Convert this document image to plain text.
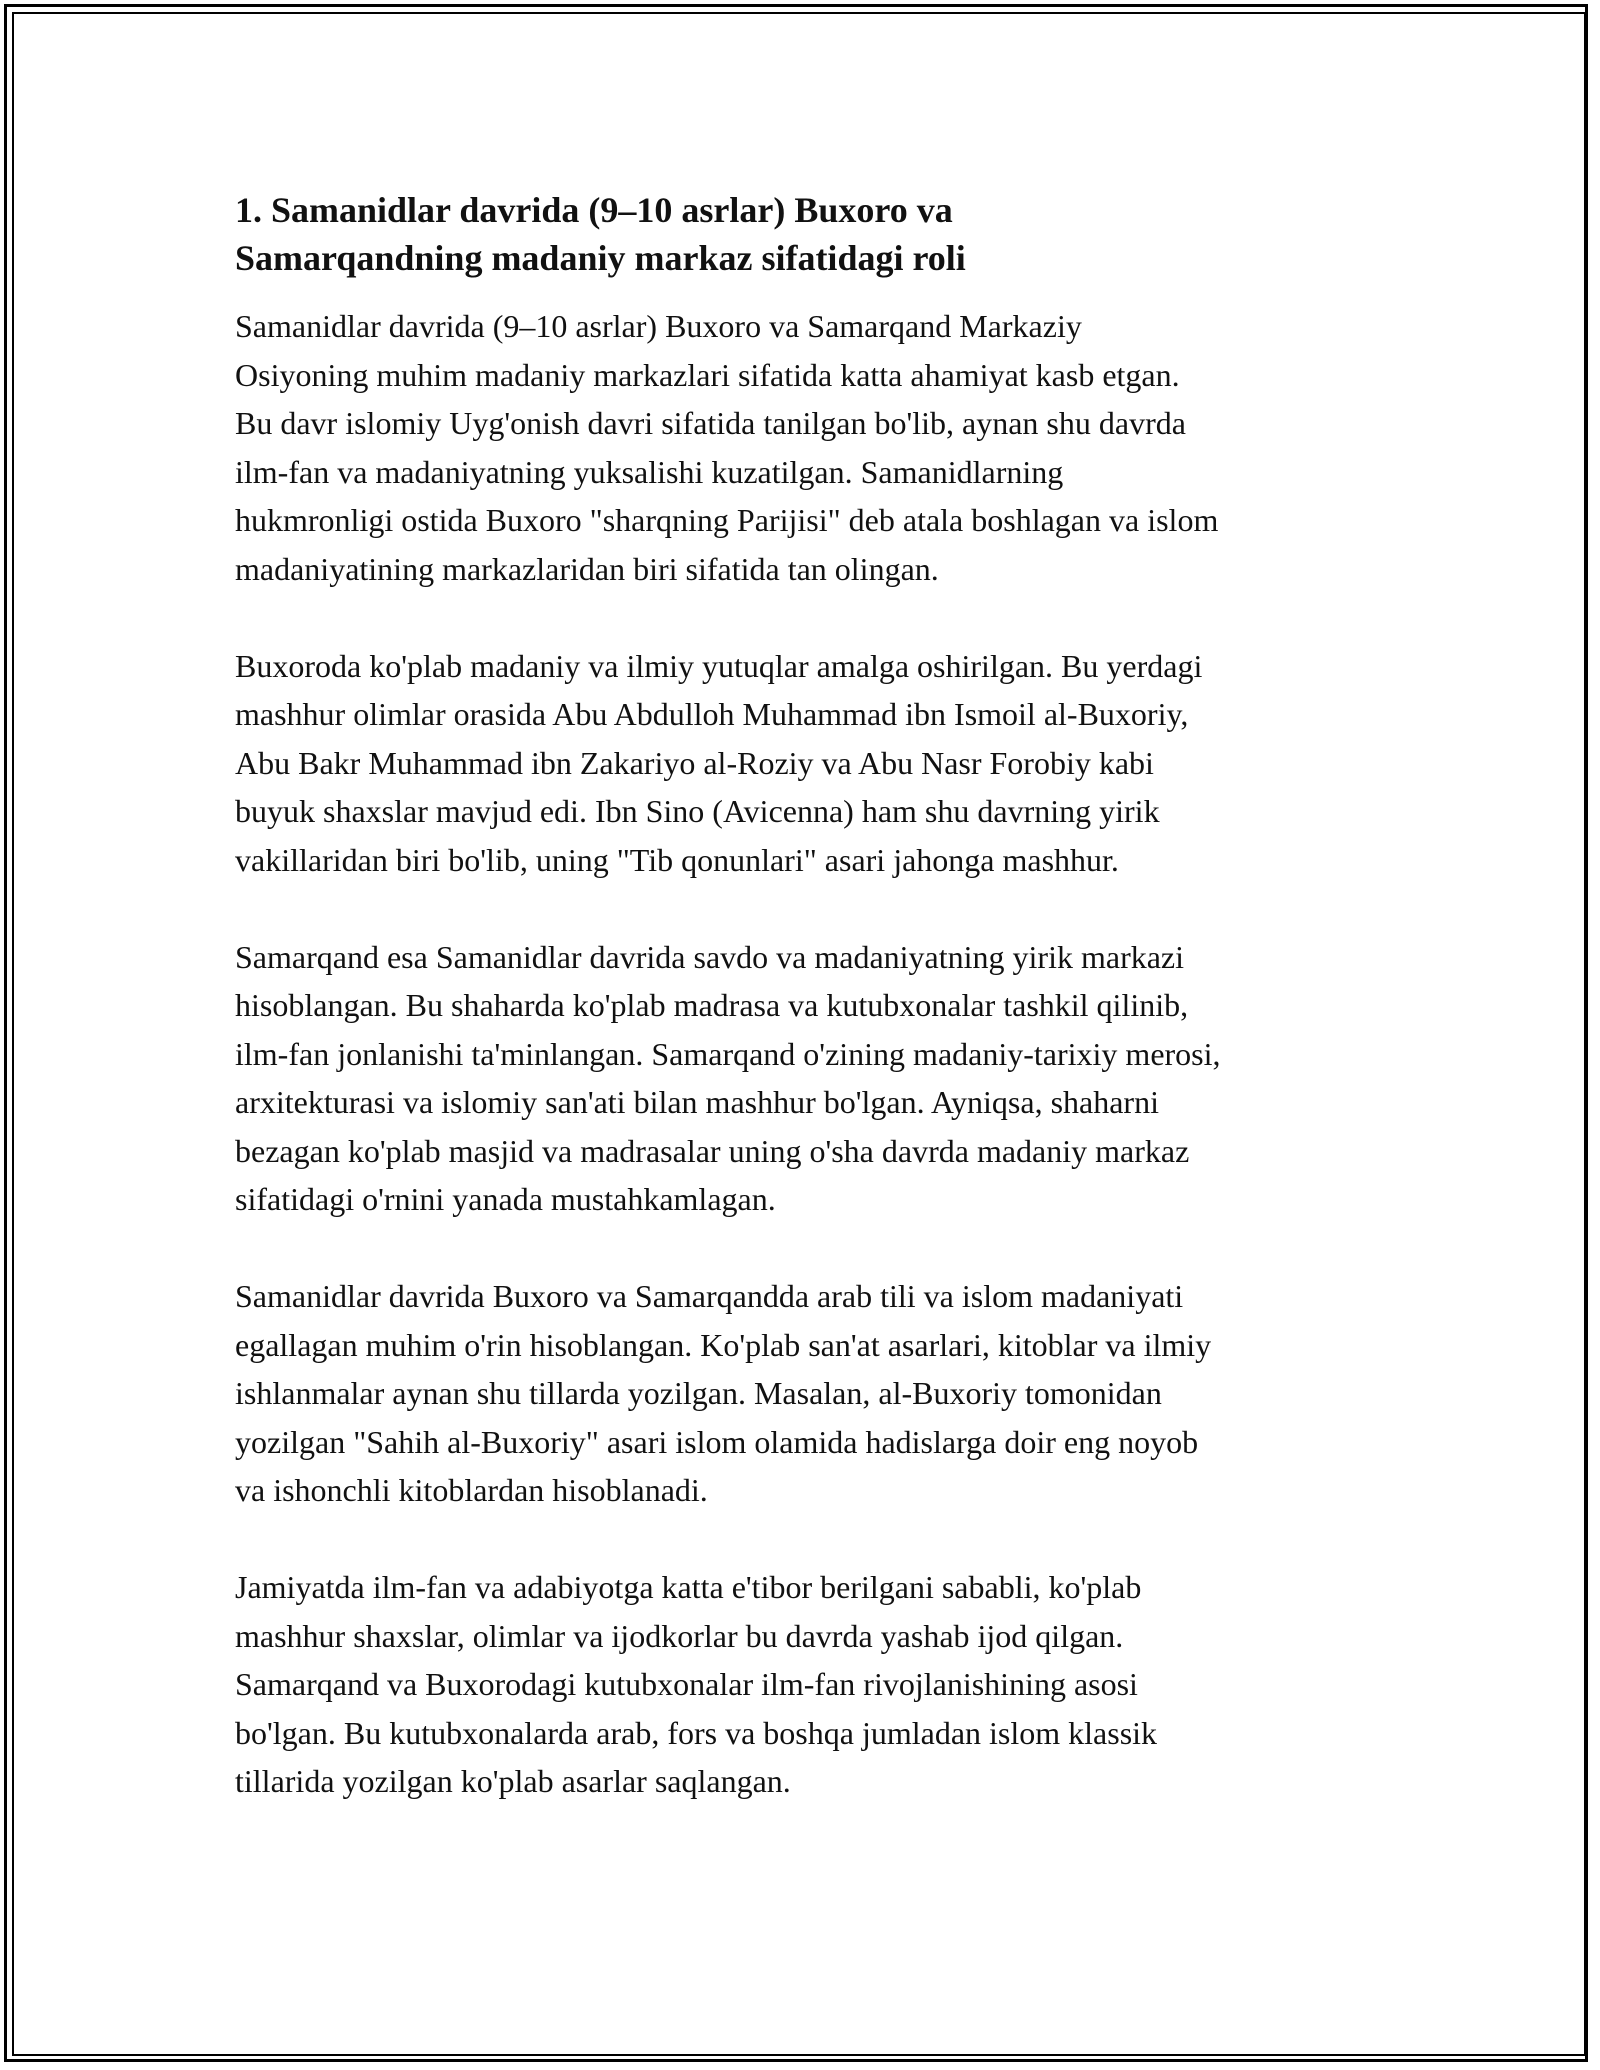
1. Samanidlar davrida (9–10 asrlar) Buxoro va
Samarqandning madaniy markaz sifatidagi roli

Samanidlar davrida (9–10 asrlar) Buxoro va Samarqand Markaziy
Osiyoning muhim madaniy markazlari sifatida katta ahamiyat kasb etgan.
Bu davr islomiy Uyg'onish davri sifatida tanilgan bo'lib, aynan shu davrda
ilm-fan va madaniyatning yuksalishi kuzatilgan. Samanidlarning
hukmronligi ostida Buxoro "sharqning Parijisi" deb atala boshlagan va islom
madaniyatining markazlaridan biri sifatida tan olingan.

Buxoroda ko'plab madaniy va ilmiy yutuqlar amalga oshirilgan. Bu yerdagi
mashhur olimlar orasida Abu Abdulloh Muhammad ibn Ismoil al-Buxoriy,
Abu Bakr Muhammad ibn Zakariyo al-Roziy va Abu Nasr Forobiy kabi
buyuk shaxslar mavjud edi. Ibn Sino (Avicenna) ham shu davrning yirik
vakillaridan biri bo'lib, uning "Tib qonunlari" asari jahonga mashhur.

Samarqand esa Samanidlar davrida savdo va madaniyatning yirik markazi
hisoblangan. Bu shaharda ko'plab madrasa va kutubxonalar tashkil qilinib,
ilm-fan jonlanishi ta'minlangan. Samarqand o'zining madaniy-tarixiy merosi,
arxitekturasi va islomiy san'ati bilan mashhur bo'lgan. Ayniqsa, shaharni
bezagan ko'plab masjid va madrasalar uning o'sha davrda madaniy markaz
sifatidagi o'rnini yanada mustahkamlagan.

Samanidlar davrida Buxoro va Samarqandda arab tili va islom madaniyati
egallagan muhim o'rin hisoblangan. Ko'plab san'at asarlari, kitoblar va ilmiy
ishlanmalar aynan shu tillarda yozilgan. Masalan, al-Buxoriy tomonidan
yozilgan "Sahih al-Buxoriy" asari islom olamida hadislarga doir eng noyob
va ishonchli kitoblardan hisoblanadi.

Jamiyatda ilm-fan va adabiyotga katta e'tibor berilgani sababli, ko'plab
mashhur shaxslar, olimlar va ijodkorlar bu davrda yashab ijod qilgan.
Samarqand va Buxorodagi kutubxonalar ilm-fan rivojlanishining asosi
bo'lgan. Bu kutubxonalarda arab, fors va boshqa jumladan islom klassik
tillarida yozilgan ko'plab asarlar saqlangan.
